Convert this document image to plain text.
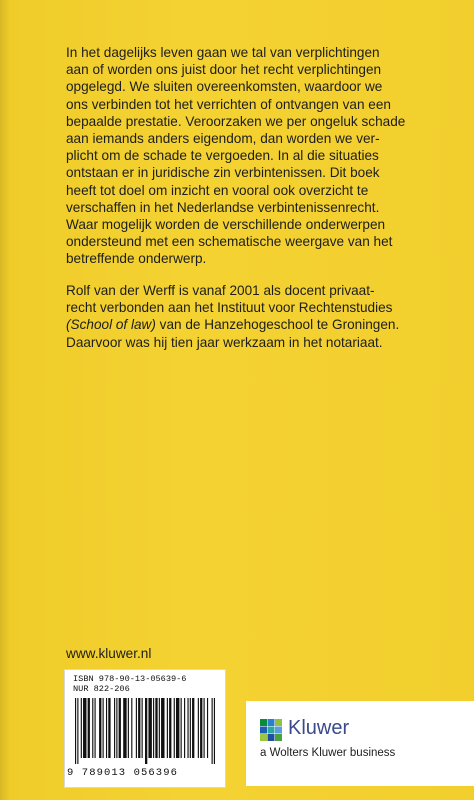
In het dagelijks leven gaan we tal van verplichtingen
aan of worden ons juist door het recht verplichtingen
opgelegd. We sluiten overeenkomsten, waardoor we
ons verbinden tot het verrichten of ontvangen van een
bepaalde prestatie. Veroorzaken we per ongeluk schade
aan iemands anders eigendom, dan worden we ver-
plicht om de schade te vergoeden. In al die situaties
ontstaan er in juridische zin verbintenissen. Dit boek
heeft tot doel om inzicht en vooral ook overzicht te
verschaffen in het Nederlandse verbintenissenrecht.
Waar mogelijk worden de verschillende onderwerpen
ondersteund met een schematische weergave van het
betreffende onderwerp.
Rolf van der Werff is vanaf 2001 als docent privaat-
recht verbonden aan het Instituut voor Rechtenstudies
(School of law) van de Hanzehogeschool te Groningen.
Daarvoor was hij tien jaar werkzaam in het notariaat.
www.kluwer.nl
ISBN 978-90-13-05639-6
NUR 822-206
9 789013 056396
Kluwer
a Wolters Kluwer business
